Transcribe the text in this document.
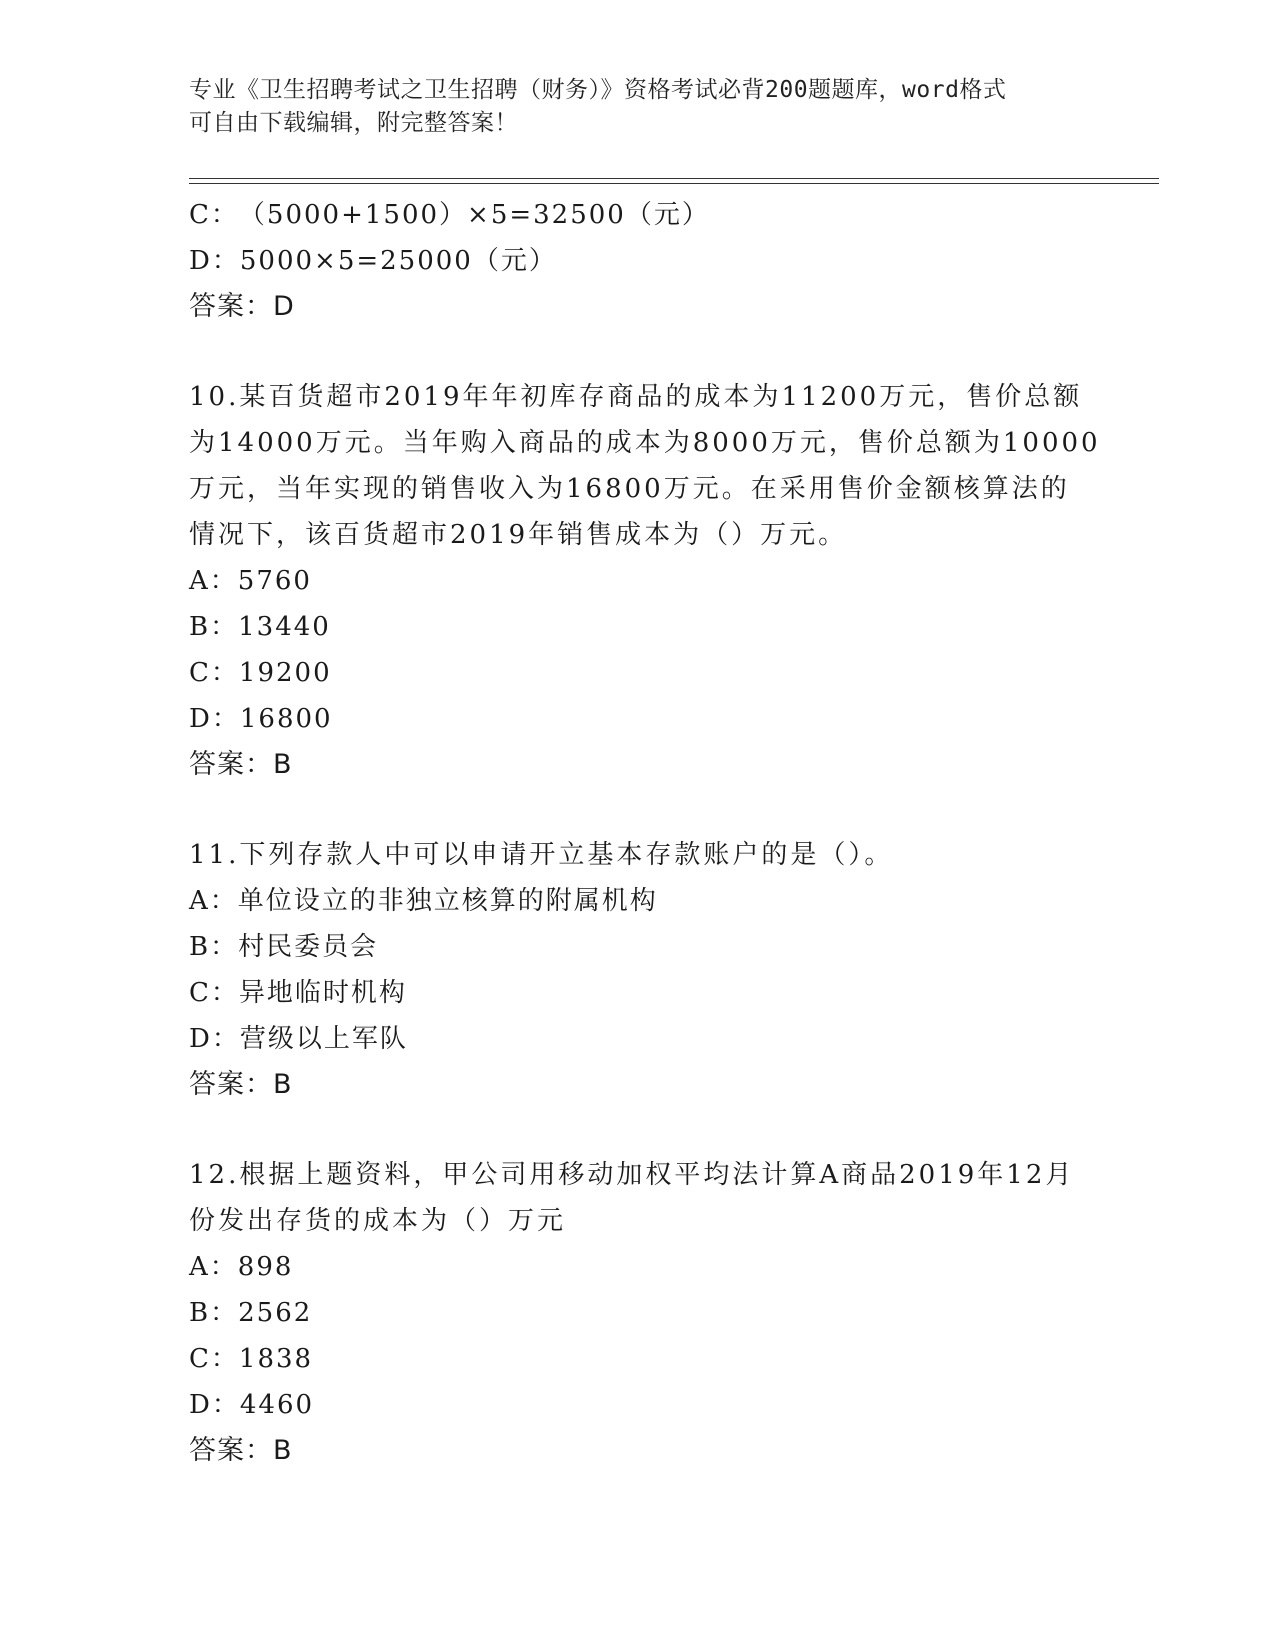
专业《卫生招聘考试之卫生招聘（财务）》资格考试必背200题题库，word格式
可自由下载编辑，附完整答案！
C：（5000+1500）×5=32500（元）
D：5000×5=25000（元）
答案：D
10.某百货超市2019年年初库存商品的成本为11200万元，售价总额
为14000万元。当年购入商品的成本为8000万元，售价总额为10000
万元，当年实现的销售收入为16800万元。在采用售价金额核算法的
情况下，该百货超市2019年销售成本为（）万元。
A：5760
B：13440
C：19200
D：16800
答案：B
11.下列存款人中可以申请开立基本存款账户的是（）。
A：单位设立的非独立核算的附属机构
B：村民委员会
C：异地临时机构
D：营级以上军队
答案：B
12.根据上题资料，甲公司用移动加权平均法计算A商品2019年12月
份发出存货的成本为（）万元
A：898
B：2562
C：1838
D：4460
答案：B
